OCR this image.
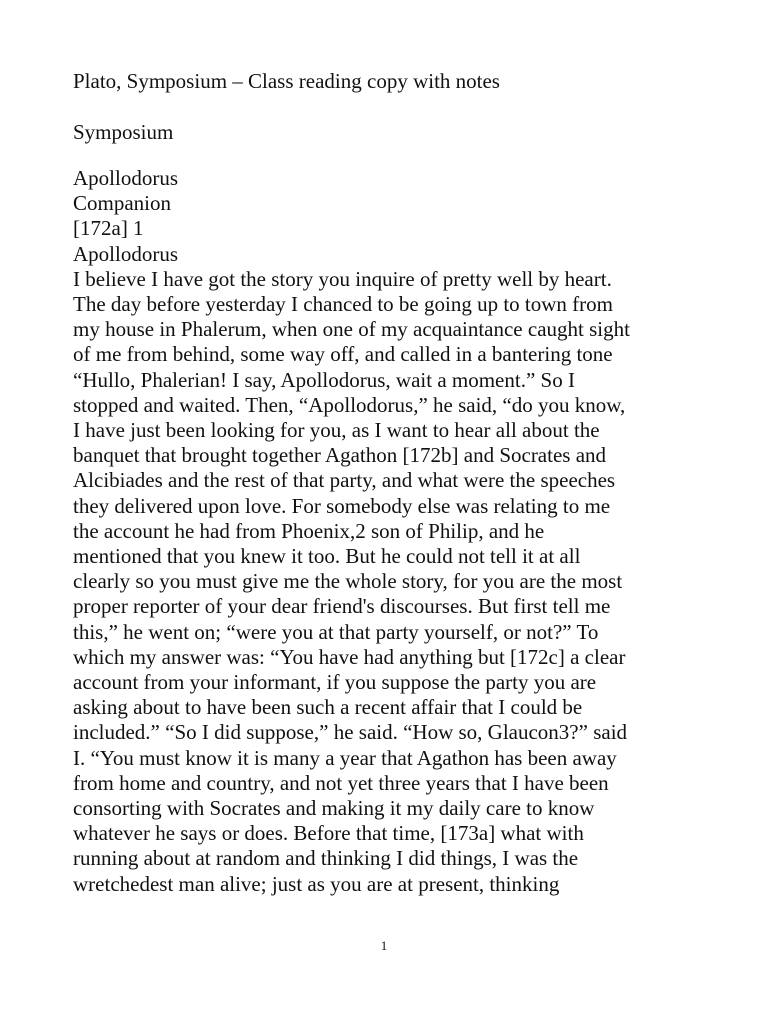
Plato, Symposium – Class reading copy with notes

Symposium

Apollodorus

Companion

[172a] 1

Apollodorus

I believe I have got the story you inquire of pretty well by heart.
The day before yesterday I chanced to be going up to town from
my house in Phalerum, when one of my acquaintance caught sight
of me from behind, some way off, and called in a bantering tone
“Hullo, Phalerian! I say, Apollodorus, wait a moment.” So I
stopped and waited. Then, “Apollodorus,” he said, “do you know,
I have just been looking for you, as I want to hear all about the
banquet that brought together Agathon [172b] and Socrates and
Alcibiades and the rest of that party, and what were the speeches
they delivered upon love. For somebody else was relating to me
the account he had from Phoenix,2 son of Philip, and he
mentioned that you knew it too. But he could not tell it at all
clearly so you must give me the whole story, for you are the most
proper reporter of your dear friend's discourses. But first tell me
this,” he went on; “were you at that party yourself, or not?” To
which my answer was: “You have had anything but [172c] a clear
account from your informant, if you suppose the party you are
asking about to have been such a recent affair that I could be
included.” “So I did suppose,” he said. “How so, Glaucon3?” said
I. “You must know it is many a year that Agathon has been away
from home and country, and not yet three years that I have been
consorting with Socrates and making it my daily care to know
whatever he says or does. Before that time, [173a] what with
running about at random and thinking I did things, I was the
wretchedest man alive; just as you are at present, thinking
1
